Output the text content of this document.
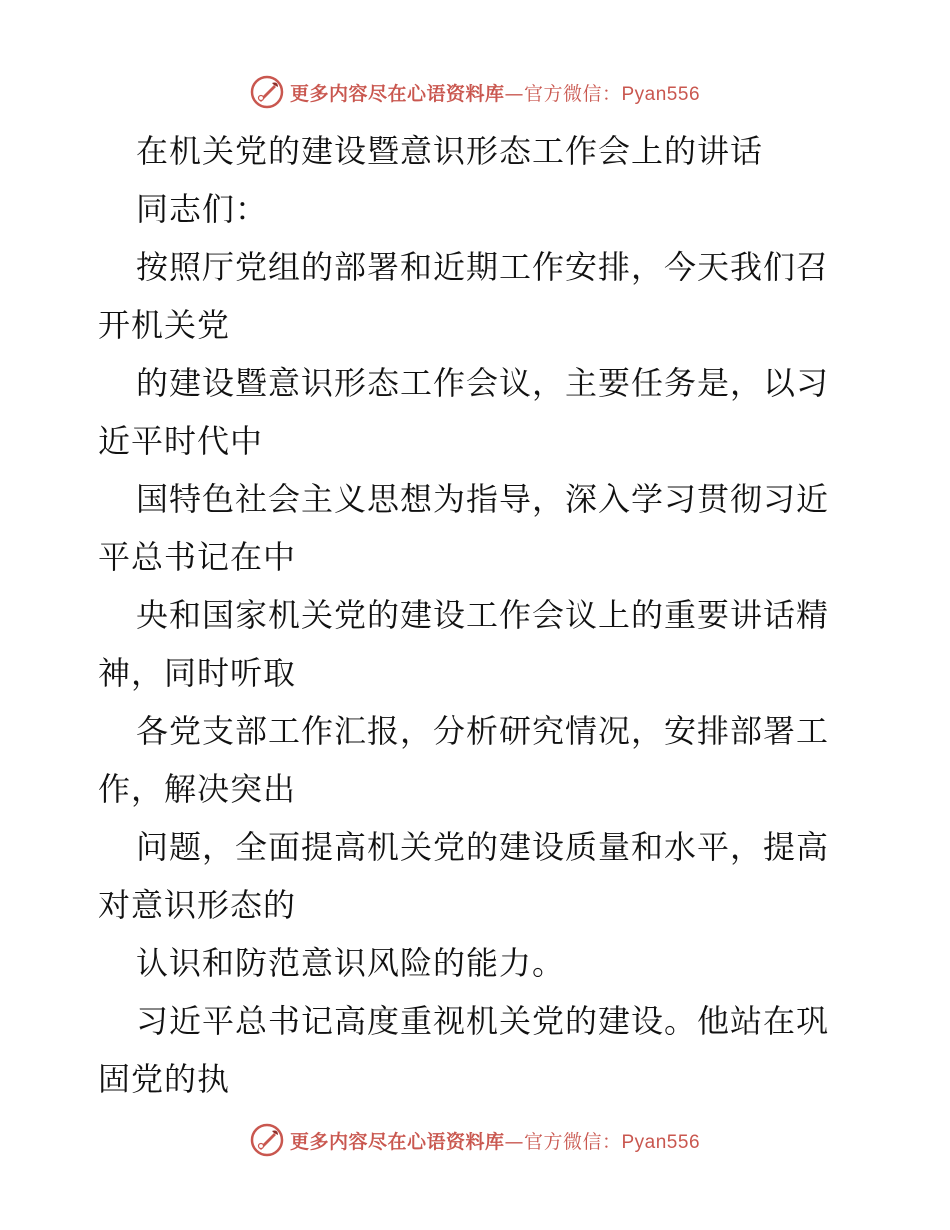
更多内容尽在心语资料库—官方微信：Pyan556
在机关党的建设暨意识形态工作会上的讲话
同志们：
按照厅党组的部署和近期工作安排，今天我们召
开机关党
的建设暨意识形态工作会议，主要任务是，以习
近平时代中
国特色社会主义思想为指导，深入学习贯彻习近
平总书记在中
央和国家机关党的建设工作会议上的重要讲话精
神，同时听取
各党支部工作汇报，分析研究情况，安排部署工
作，解决突出
问题，全面提高机关党的建设质量和水平，提高
对意识形态的
认识和防范意识风险的能力。
习近平总书记高度重视机关党的建设。他站在巩
固党的执
更多内容尽在心语资料库—官方微信：Pyan556
